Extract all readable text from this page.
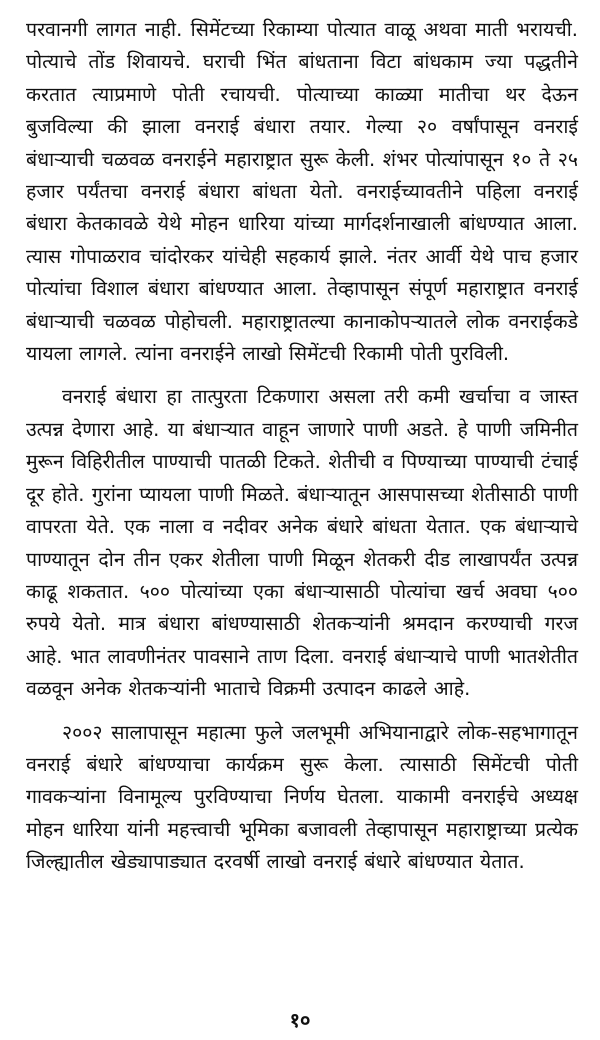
परवानगी लागत नाही. सिमेंटच्या रिकाम्या पोत्यात वाळू अथवा माती भरायची. पोत्याचे तोंड शिवायचे. घराची भिंत बांधताना विटा बांधकाम ज्या पद्धतीने करतात त्याप्रमाणे पोती रचायची. पोत्याच्या काळ्या मातीचा थर देऊन बुजविल्या की झाला वनराई बंधारा तयार. गेल्या २० वर्षांपासून वनराई बंधाऱ्याची चळवळ वनराईने महाराष्ट्रात सुरू केली. शंभर पोत्यांपासून १० ते २५ हजार पर्यंतचा वनराई बंधारा बांधता येतो. वनराईच्यावतीने पहिला वनराई बंधारा केतकावळे येथे मोहन धारिया यांच्या मार्गदर्शनाखाली बांधण्यात आला. त्यास गोपाळराव चांदोरकर यांचेही सहकार्य झाले. नंतर आर्वी येथे पाच हजार पोत्यांचा विशाल बंधारा बांधण्यात आला. तेव्हापासून संपूर्ण महाराष्ट्रात वनराई बंधाऱ्याची चळवळ पोहोचली. महाराष्ट्रातल्या कानाकोपऱ्यातले लोक वनराईकडे यायला लागले. त्यांना वनराईने लाखो सिमेंटची रिकामी पोती पुरविली.

वनराई बंधारा हा तात्पुरता टिकणारा असला तरी कमी खर्चाचा व जास्त उत्पन्न देणारा आहे. या बंधाऱ्यात वाहून जाणारे पाणी अडते. हे पाणी जमिनीत मुरून विहिरीतील पाण्याची पातळी टिकते. शेतीची व पिण्याच्या पाण्याची टंचाई दूर होते. गुरांना प्यायला पाणी मिळते. बंधाऱ्यातून आसपासच्या शेतीसाठी पाणी वापरता येते. एक नाला व नदीवर अनेक बंधारे बांधता येतात. एक बंधाऱ्याचे पाण्यातून दोन तीन एकर शेतीला पाणी मिळून शेतकरी दीड लाखापर्यंत उत्पन्न काढू शकतात. ५०० पोत्यांच्या एका बंधाऱ्यासाठी पोत्यांचा खर्च अवघा ५०० रुपये येतो. मात्र बंधारा बांधण्यासाठी शेतकऱ्यांनी श्रमदान करण्याची गरज आहे. भात लावणीनंतर पावसाने ताण दिला. वनराई बंधाऱ्याचे पाणी भातशेतीत वळवून अनेक शेतकऱ्यांनी भाताचे विक्रमी उत्पादन काढले आहे.

२००२ सालापासून महात्मा फुले जलभूमी अभियानाद्वारे लोक-सहभागातून वनराई बंधारे बांधण्याचा कार्यक्रम सुरू केला. त्यासाठी सिमेंटची पोती गावकऱ्यांना विनामूल्य पुरविण्याचा निर्णय घेतला. याकामी वनराईचे अध्यक्ष मोहन धारिया यांनी महत्त्वाची भूमिका बजावली तेव्हापासून महाराष्ट्राच्या प्रत्येक जिल्ह्यातील खेड्यापाड्यात दरवर्षी लाखो वनराई बंधारे बांधण्यात येतात.

१०
